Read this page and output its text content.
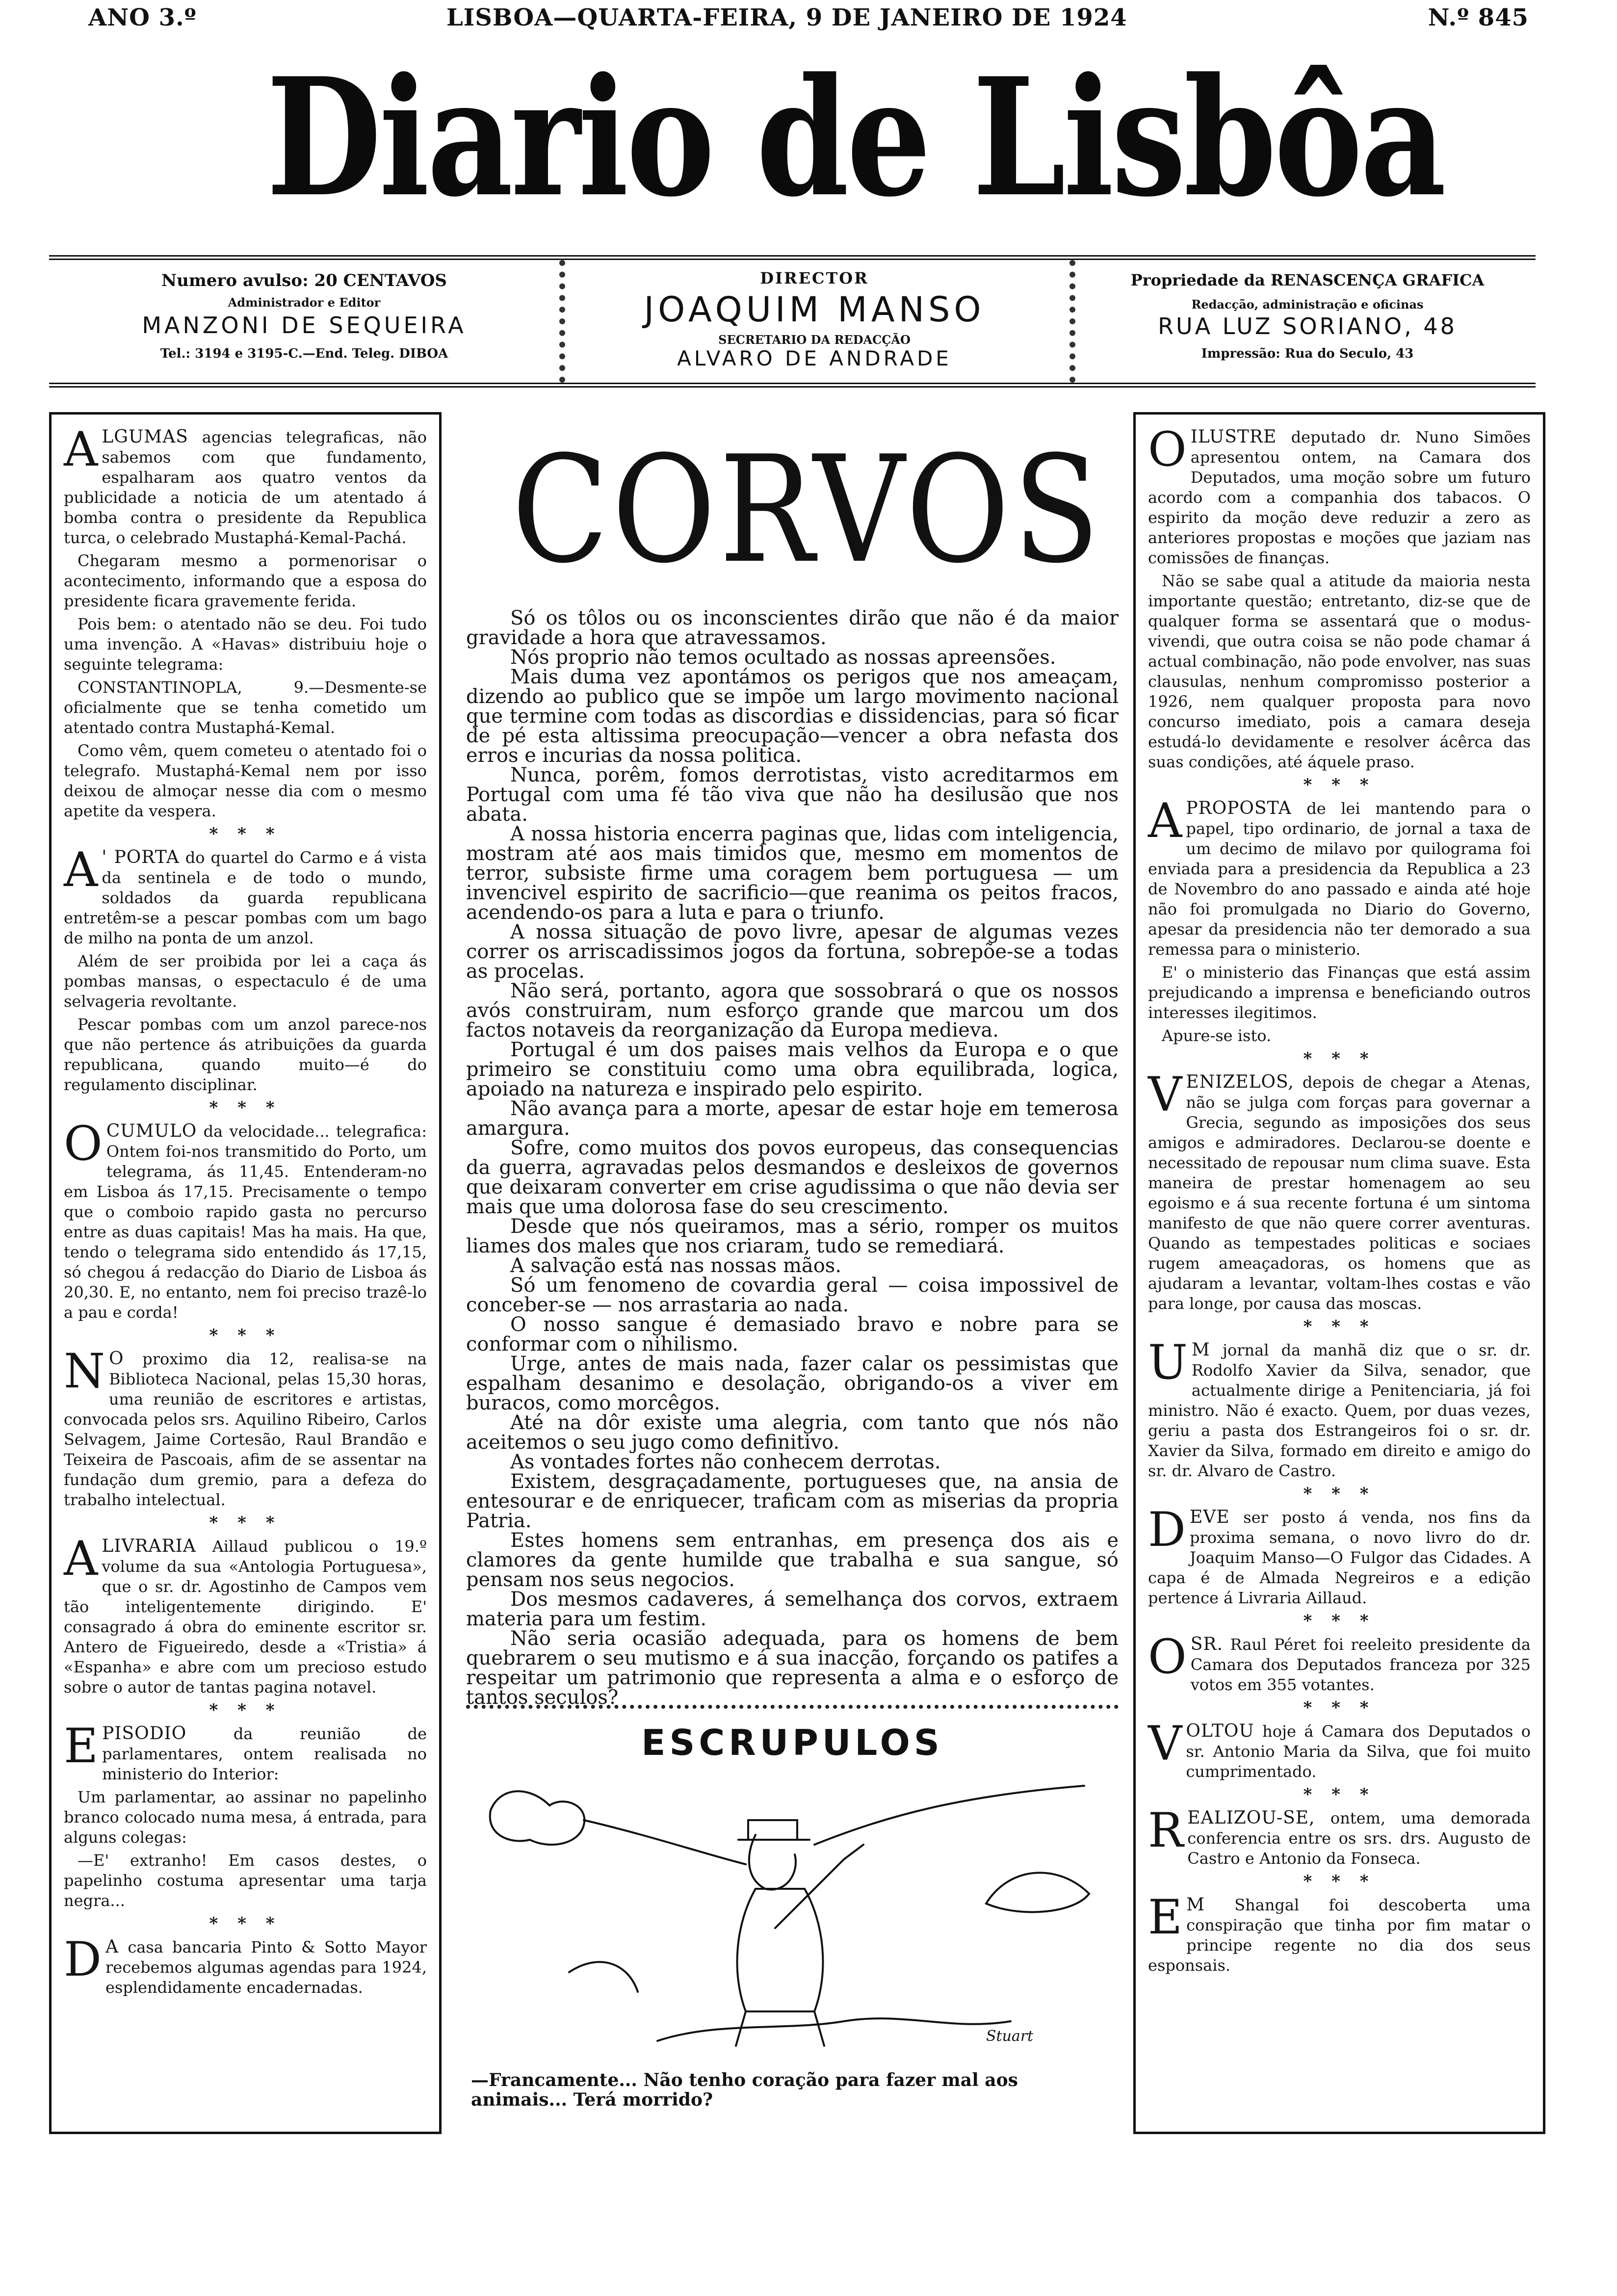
ANO 3.º	LISBOA—QUARTA-FEIRA, 9 DE JANEIRO DE 1924	N.º 845
Diario de Lisbôa
Numero avulso: 20 CENTAVOS
Administrador e Editor
MANZONI DE SEQUEIRA
Tel.: 3194 e 3195-C.—End. Teleg. DIBOA
DIRECTOR
JOAQUIM MANSO
SECRETARIO DA REDACÇÃO
ALVARO DE ANDRADE
Propriedade da RENASCENÇA GRAFICA
Redacção, administração e oficinas
RUA LUZ SORIANO, 48
Impressão: Rua do Seculo, 43

ALGUMAS agencias telegraficas, não sabemos com que fundamento, espalharam aos quatro ventos da publicidade a noticia de um atentado á bomba contra o presidente da Republica turca, o celebrado Mustaphá-Kemal-Pachá.

Chegaram mesmo a pormenorisar o acontecimento, informando que a esposa do presidente ficara gravemente ferida.

Pois bem: o atentado não se deu. Foi tudo uma invenção. A «Havas» distribuiu hoje o seguinte telegrama:

CONSTANTINOPLA, 9.—Desmente-se oficialmente que se tenha cometido um atentado contra Mustaphá-Kemal.

Como vêm, quem cometeu o atentado foi o telegrafo. Mustaphá-Kemal nem por isso deixou de almoçar nesse dia com o mesmo apetite da vespera.

* * *

A ' PORTA do quartel do Carmo e á vista da sentinela e de todo o mundo, soldados da guarda republicana entretêm-se a pescar pombas com um bago de milho na ponta de um anzol.

Além de ser proibida por lei a caça ás pombas mansas, o espectaculo é de uma selvageria revoltante.

Pescar pombas com um anzol parece-nos que não pertence ás atribuições da guarda republicana, quando muito—é do regulamento disciplinar.

* * *

OCUMULO da velocidade... telegrafica: Ontem foi-nos transmitido do Porto, um telegrama, ás 11,45. Entenderam-no em Lisboa ás 17,15. Precisamente o tempo que o comboio rapido gasta no percurso entre as duas capitais! Mas ha mais. Ha que, tendo o telegrama sido entendido ás 17,15, só chegou á redacção do Diario de Lisboa ás 20,30. E, no entanto, nem foi preciso trazê-lo a pau e corda!

* * *

N O proximo dia 12, realisa-se na Biblioteca Nacional, pelas 15,30 horas, uma reunião de escritores e artistas, convocada pelos srs. Aquilino Ribeiro, Carlos Selvagem, Jaime Cortesão, Raul Brandão e Teixeira de Pascoais, afim de se assentar na fundação dum gremio, para a defeza do trabalho intelectual.

* * *

ALIVRARIA Aillaud publicou o 19.º volume da sua «Antologia Portuguesa», que o sr. dr. Agostinho de Campos vem tão inteligentemente dirigindo. E' consagrado á obra do eminente escritor sr. Antero de Figueiredo, desde a «Tristia» á «Espanha» e abre com um precioso estudo sobre o autor de tantas pagina notavel.

* * *

EPISODIO	da reunião de parlamentares, ontem realisada no ministerio do Interior:

Um parlamentar, ao assinar no papelinho branco colocado numa mesa, á entrada, para alguns colegas:

—E' extranho! Em casos destes, o papelinho costuma apresentar uma tarja negra...

* * *

D A casa bancaria Pinto & Sotto Mayor recebemos algumas agendas para 1924, esplendidamente encadernadas.

CORVOS

Só os tôlos ou os inconscientes dirão que não é da maior gravidade a hora que atravessamos.

Nós proprio não temos ocultado as nossas apreensões.

Mais duma vez apontámos os perigos que nos ameaçam, dizendo ao publico que se impõe um largo movimento nacional que termine com todas as discordias e dissidencias, para só ficar de pé esta altissima preocupação—vencer a obra nefasta dos erros e incurias da nossa politica.

Nunca, porêm, fomos derrotistas, visto acreditarmos em Portugal com uma fé tão viva que não ha desilusão que nos abata.

A nossa historia encerra paginas que, lidas com inteligencia, mostram até aos mais timidos que, mesmo em momentos de terror, subsiste firme uma coragem bem portuguesa — um invencivel espirito de sacrificio—que reanima os peitos fracos, acendendo-os para a luta e para o triunfo.

A nossa situação de povo livre, apesar de algumas vezes correr os arriscadissimos jogos da fortuna, sobrepõe-se a todas as procelas.

Não será, portanto, agora que sossobrará o que os nossos avós construiram, num esforço grande que marcou um dos factos notaveis da reorganização da Europa medieva.

Portugal é um dos paises mais velhos da Europa e o que primeiro se constituiu como uma obra equilibrada, logica, apoiado na natureza e inspirado pelo espirito.

Não avança para a morte, apesar de estar hoje em temerosa amargura.

Sofre, como muitos dos povos europeus, das consequencias da guerra, agravadas pelos desmandos e desleixos de governos que deixaram converter em crise agudissima o que não devia ser mais que uma dolorosa fase do seu crescimento.

Desde que nós queiramos, mas a sério, romper os muitos liames dos males que nos criaram, tudo se remediará.

A salvação está nas nossas mãos.

Só um fenomeno de covardia geral — coisa impossivel de conceber-se — nos arrastaria ao nada.

O nosso sangue é demasiado bravo e nobre para se conformar com o nihilismo.

Urge, antes de mais nada, fazer calar os pessimistas que espalham desanimo e desolação, obrigando-os a viver em buracos, como morcêgos.

Até na dôr existe uma alegria, com tanto que nós não aceitemos o seu jugo como definitivo.

As vontades fortes não conhecem derrotas.

Existem, desgraçadamente, portugueses que, na ansia de entesourar e de enriquecer, traficam com as miserias da propria Patria.

Estes homens sem entranhas, em presença dos ais e clamores da gente humilde que trabalha e sua sangue, só pensam nos seus negocios.

Dos mesmos cadaveres, á semelhança dos corvos, extraem materia para um festim.

Não seria ocasião adequada, para os homens de bem quebrarem o seu mutismo e á sua inacção, forçando os patifes a respeitar um patrimonio que representa a alma e o esforço de tantos seculos?

ESCRUPULOS
Stuart
—Francamente... Não tenho coração para fazer mal aos animais... Terá morrido?

OILUSTRE deputado dr. Nuno Simões apresentou ontem, na Camara dos Deputados, uma moção sobre um futuro acordo com a companhia dos tabacos. O espirito da moção deve reduzir a zero as anteriores propostas e moções que jaziam nas comissões de finanças.

Não se sabe qual a atitude da maioria nesta importante questão; entretanto, diz-se que de qualquer forma se assentará que o modus-vivendi, que outra coisa se não pode chamar á actual combinação, não pode envolver, nas suas clausulas, nenhum compromisso posterior a 1926, nem qualquer proposta para novo concurso imediato, pois a camara deseja estudá-lo devidamente e resolver ácêrca das suas condições, até áquele praso.

* * *

APROPOSTA de lei mantendo para o papel, tipo ordinario, de jornal a taxa de um decimo de milavo por quilograma foi enviada para a presidencia da Republica a 23 de Novembro do ano passado e ainda até hoje não foi promulgada no Diario do Governo, apesar da presidencia não ter demorado a sua remessa para o ministerio.

E' o ministerio das Finanças que está assim prejudicando a imprensa e beneficiando outros interesses ilegitimos.

Apure-se isto.

* * *

VENIZELOS, depois de chegar a Atenas, não se julga com forças para governar a Grecia, segundo as imposições dos seus amigos e admiradores. Declarou-se doente e necessitado de repousar num clima suave. Esta maneira de prestar homenagem ao seu egoismo e á sua recente fortuna é um sintoma manifesto de que não quere correr aventuras. Quando as tempestades politicas e sociaes rugem ameaçadoras, os homens que as ajudaram a levantar, voltam-lhes costas e vão para longe, por causa das moscas.

* * *

U M jornal da manhã diz que o sr. dr. Rodolfo Xavier da Silva, senador, que actualmente dirige a Penitenciaria, já foi ministro. Não é exacto. Quem, por duas vezes, geriu a pasta dos Estrangeiros foi o sr. dr. Xavier da Silva, formado em direito e amigo do sr. dr. Alvaro de Castro.

* * *

DEVE ser posto á venda, nos fins da proxima semana, o novo livro do dr. Joaquim Manso—O Fulgor das Cidades. A capa é de Almada Negreiros e a edição pertence á Livraria Aillaud.

* * *

OSR. Raul Péret foi reeleito presidente da Camara dos Deputados franceza por 325 votos em 355 votantes.

* * *

VOLTOU hoje á Camara dos Deputados o sr. Antonio Maria da Silva, que foi muito cumprimentado.

* * *

REALIZOU-SE, ontem, uma demorada conferencia entre os srs. drs. Augusto de Castro e Antonio da Fonseca.

* * *

E M Shangal foi descoberta uma conspiração que tinha por fim matar o principe regente no dia dos seus esponsais.
